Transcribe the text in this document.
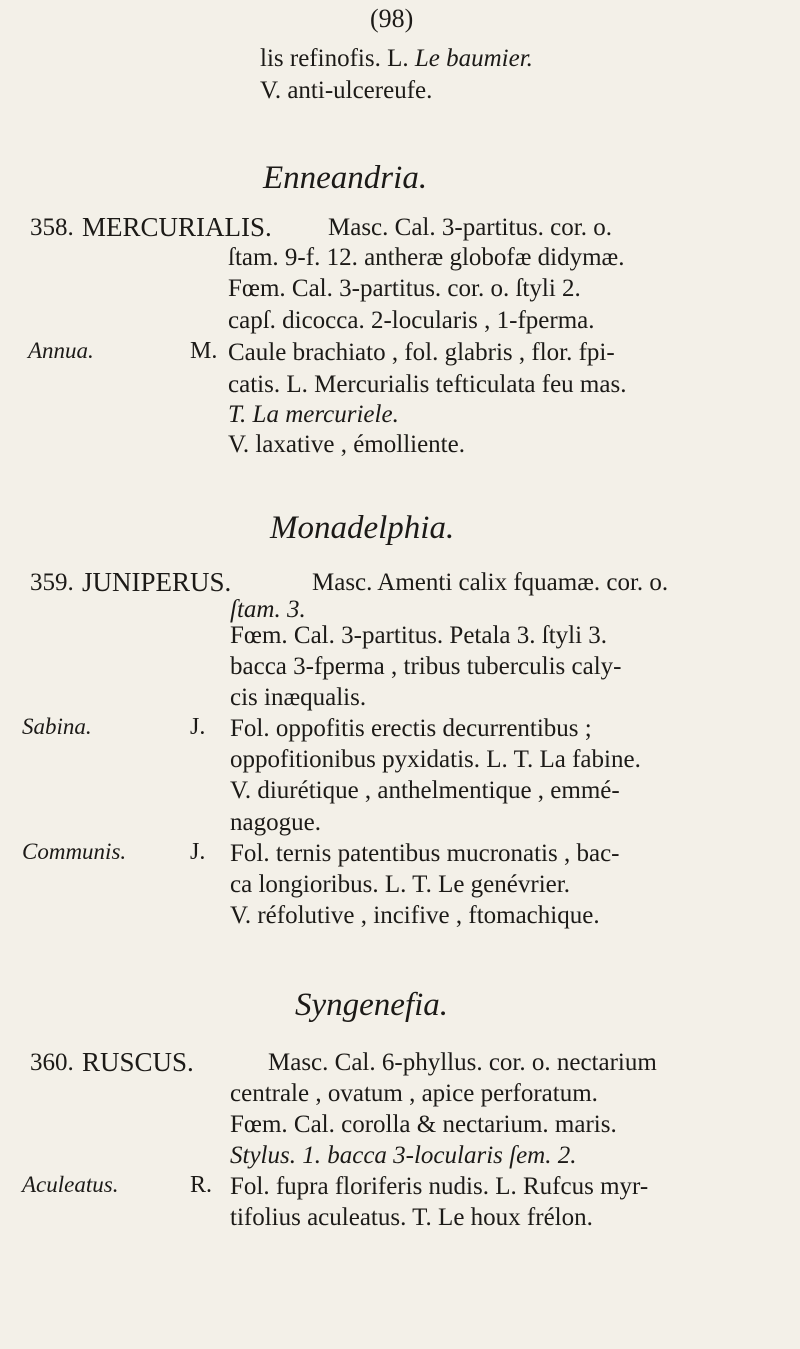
(98)
lis refinofis. L. Le baumier.
V. anti-ulcereufe.
Enneandria.
358. MERCURIALIS. Masc. Cal. 3-partitus. cor. o.
ſtam. 9-f. 12. antheræ globofæ didymæ.
Fœm. Cal. 3-partitus. cor. o. ſtyli 2.
capſ. dicocca. 2-locularis , 1-fperma.
Annua.	M. Caule brachiato , fol. glabris , flor. fpi-
catis. L. Mercurialis tefticulata feu mas.
T. La mercuriele.
V. laxative , émolliente.
Monadelphia.
359. JUNIPERUS.	Masc. Amenti calix fquamæ. cor. o.
ſtam. 3.
Fœm. Cal. 3-partitus. Petala 3. ſtyli 3.
bacca 3-fperma , tribus tuberculis caly-
cis inæqualis.
Sabina.	J. Fol. oppofitis erectis decurrentibus ;
oppofitionibus pyxidatis. L. T. La fabine.
V. diurétique , anthelmentique , emmé-
nagogue.
Communis.	J. Fol. ternis patentibus mucronatis , bac-
ca longioribus. L. T. Le genévrier.
V. réfolutive , incifive , ftomachique.
Syngenefia.
360. RUSCUS.	Masc. Cal. 6-phyllus. cor. o. nectarium
centrale , ovatum , apice perforatum.
Fœm. Cal. corolla & nectarium. maris.
Stylus. 1. bacca 3-locularis ſem. 2.
Aculeatus.	R. Fol. fupra floriferis nudis. L. Rufcus myr-
tifolius aculeatus. T. Le houx frélon.
